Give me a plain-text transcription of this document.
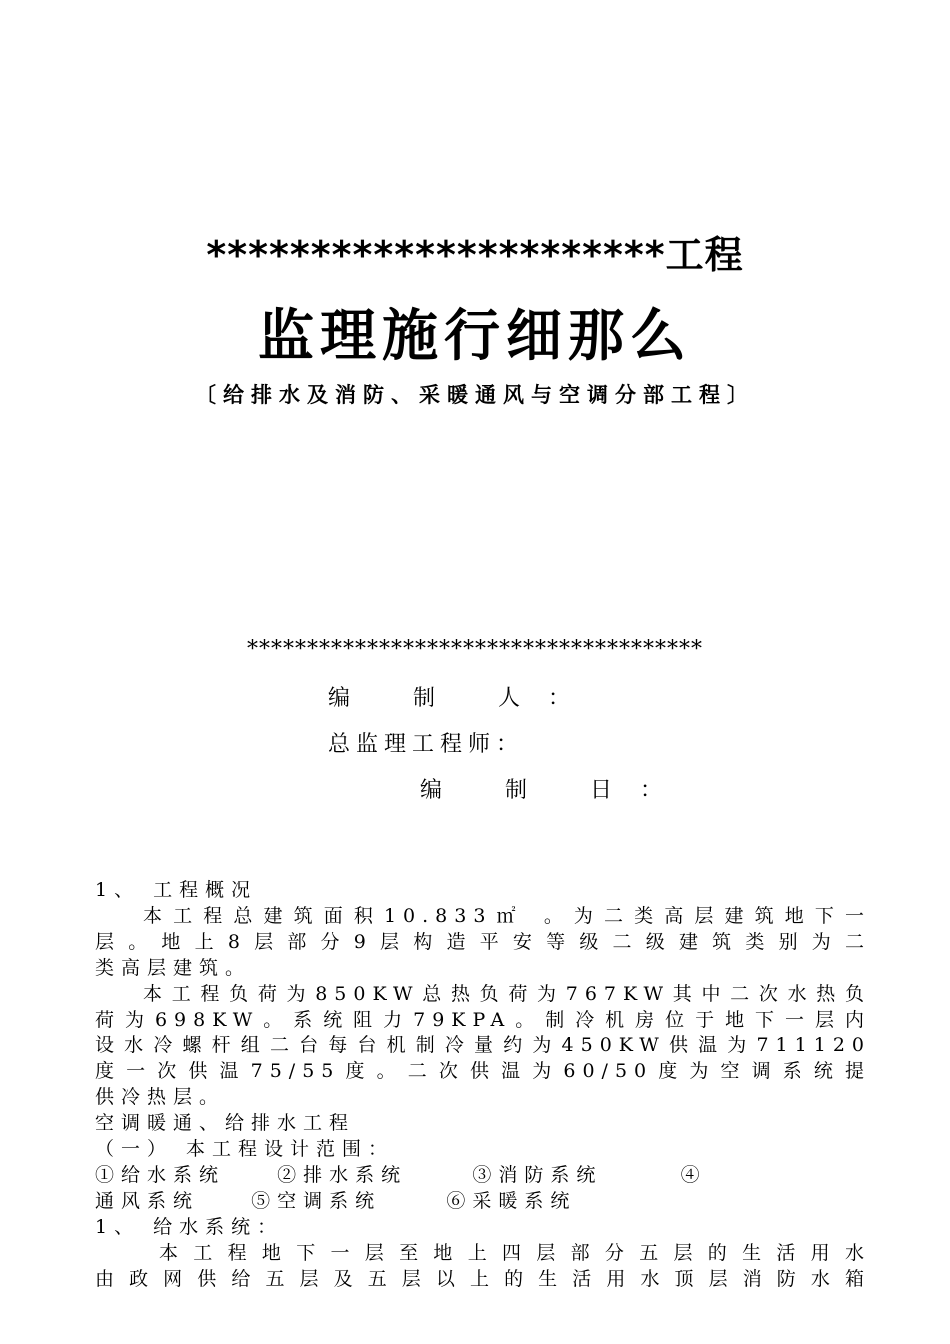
**********************工程
监理施行细那么
〔给排水及消防、采暖通风与空调分部工程〕
**************************************
编 制 人：
总监理工程师：
编 制 日：

1、 工程概况

本工程总建筑面积10.833㎡ 。为二类高层建筑地下一

层。地上8层部分9层构造平安等级二级建筑类别为二

类高层建筑。

本工程负荷为850KW总热负荷为767KW其中二次水热负

荷为698KW。系统阻力79KPA。制冷机房位于地下一层内

设水冷螺杆组二台每台机制冷量约为450KW供温为711120

度一次供温75/55度。二次供温为60/50度为空调系统提

供冷热层。

空调暖通、给排水工程

（一） 本工程设计范围：

①给水系统    ②排水系统     ③消防系统      ④

通风系统    ⑤空调系统     ⑥采暖系统

1、 给水系统：

本工程地下一层至地上四层部分五层的生活用水

由政网供给五层及五层以上的生活用水顶层消防水箱
